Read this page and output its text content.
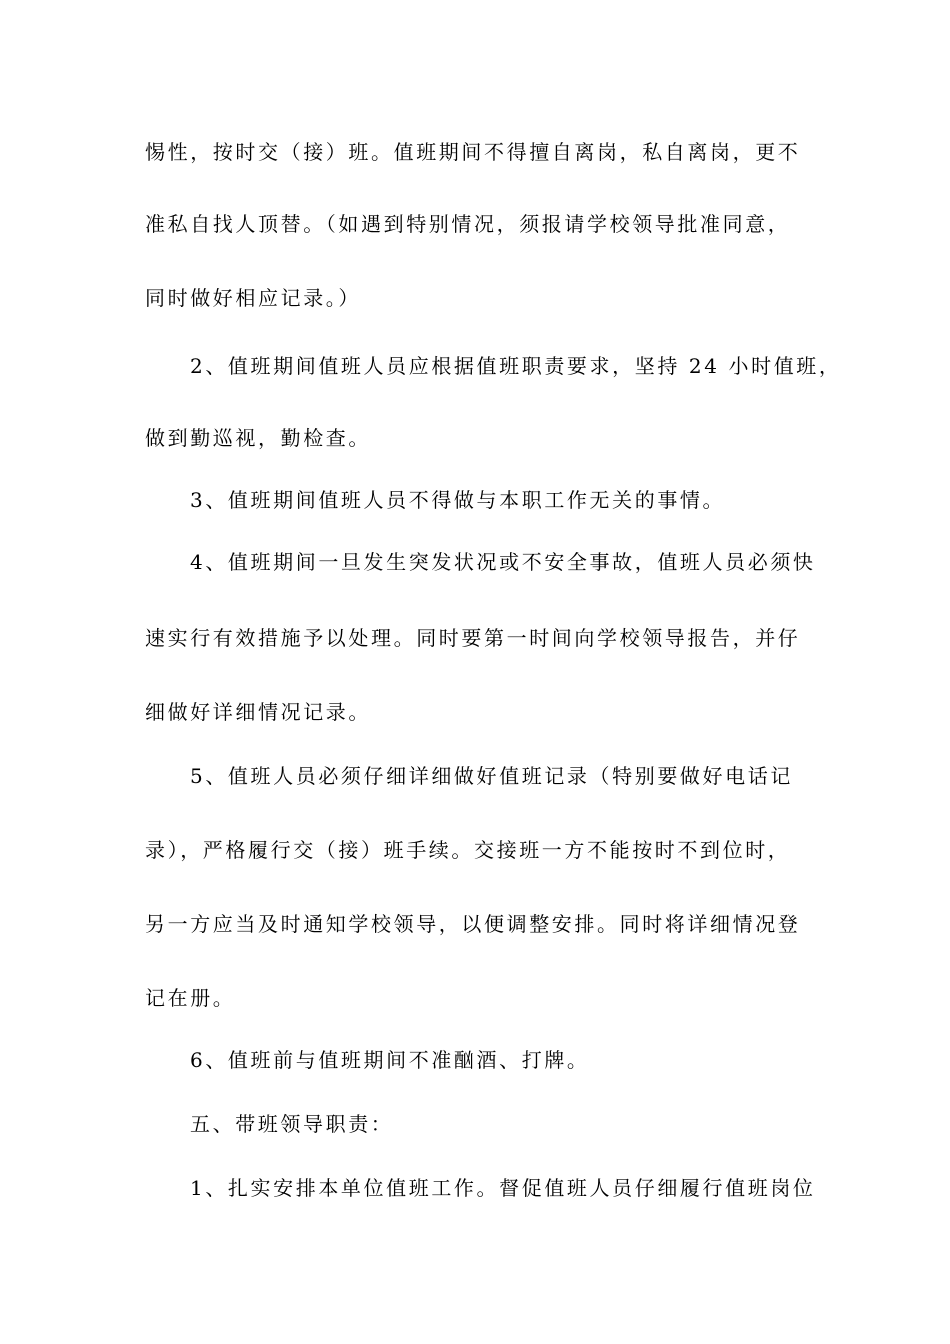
惕性，按时交（接）班。值班期间不得擅自离岗，私自离岗，更不
准私自找人顶替。（如遇到特别情况，须报请学校领导批准同意，
同时做好相应记录。）
2、值班期间值班人员应根据值班职责要求，坚持 24 小时值班，
做到勤巡视，勤检查。
3、值班期间值班人员不得做与本职工作无关的事情。
4、值班期间一旦发生突发状况或不安全事故，值班人员必须快
速实行有效措施予以处理。同时要第一时间向学校领导报告，并仔
细做好详细情况记录。
5、值班人员必须仔细详细做好值班记录（特别要做好电话记
录），严格履行交（接）班手续。交接班一方不能按时不到位时，
另一方应当及时通知学校领导，以便调整安排。同时将详细情况登
记在册。
6、值班前与值班期间不准酗酒、打牌。
五、带班领导职责：
1、扎实安排本单位值班工作。督促值班人员仔细履行值班岗位
